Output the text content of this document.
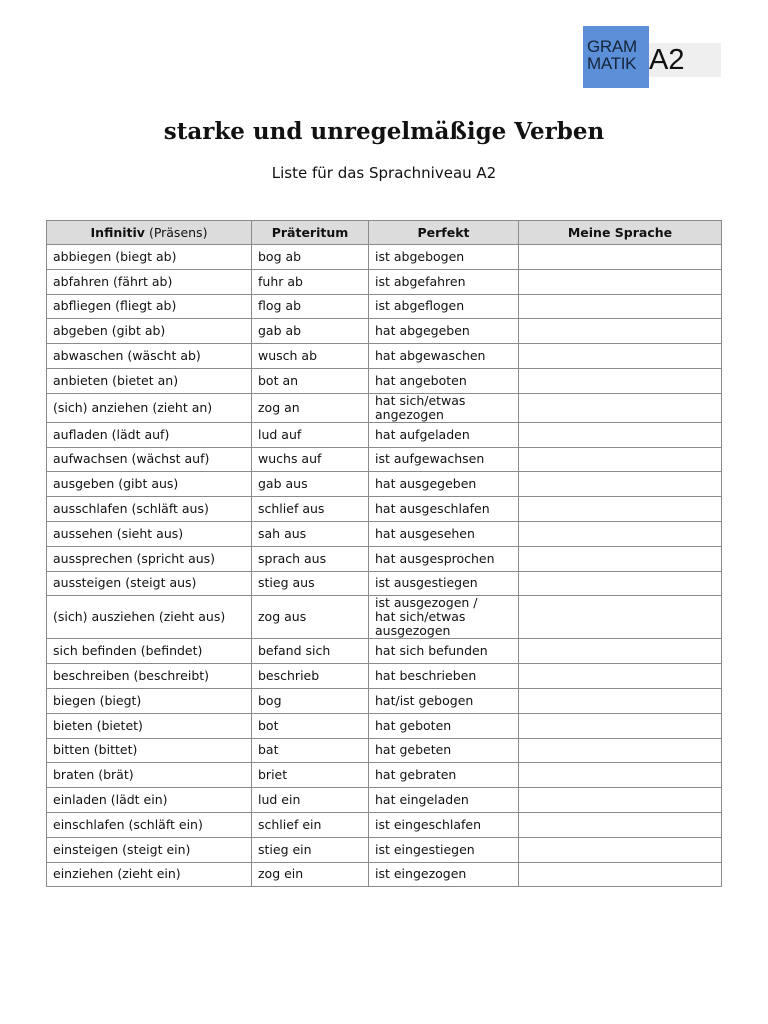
GRAM
MATIK A2
starke und unregelmäßige Verben
Liste für das Sprachniveau A2
Infinitiv (Präsens)	Präteritum	Perfekt	Meine Sprache
abbiegen (biegt ab)	bog ab	ist abgebogen	

abfahren (fährt ab)	fuhr ab	ist abgefahren	

abfliegen (fliegt ab)	flog ab	ist abgeflogen	

abgeben (gibt ab)	gab ab	hat abgegeben	

abwaschen (wäscht ab)	wusch ab	hat abgewaschen	

anbieten (bietet an)	bot an	hat angeboten	

(sich) anziehen (zieht an)	zog an	hat sich/etwas
angezogen	

aufladen (lädt auf)	lud auf	hat aufgeladen	

aufwachsen (wächst auf)	wuchs auf	ist aufgewachsen	

ausgeben (gibt aus)	gab aus	hat ausgegeben	

ausschlafen (schläft aus)	schlief aus	hat ausgeschlafen	

aussehen (sieht aus)	sah aus	hat ausgesehen	

aussprechen (spricht aus)	sprach aus	hat ausgesprochen	

aussteigen (steigt aus)	stieg aus	ist ausgestiegen	

(sich) ausziehen (zieht aus)	zog aus	ist ausgezogen /
hat sich/etwas
ausgezogen	

sich befinden (befindet)	befand sich	hat sich befunden	

beschreiben (beschreibt)	beschrieb	hat beschrieben	

biegen (biegt)	bog	hat/ist gebogen	

bieten (bietet)	bot	hat geboten	

bitten (bittet)	bat	hat gebeten	

braten (brät)	briet	hat gebraten	

einladen (lädt ein)	lud ein	hat eingeladen	

einschlafen (schläft ein)	schlief ein	ist eingeschlafen	

einsteigen (steigt ein)	stieg ein	ist eingestiegen	

einziehen (zieht ein)	zog ein	ist eingezogen	
